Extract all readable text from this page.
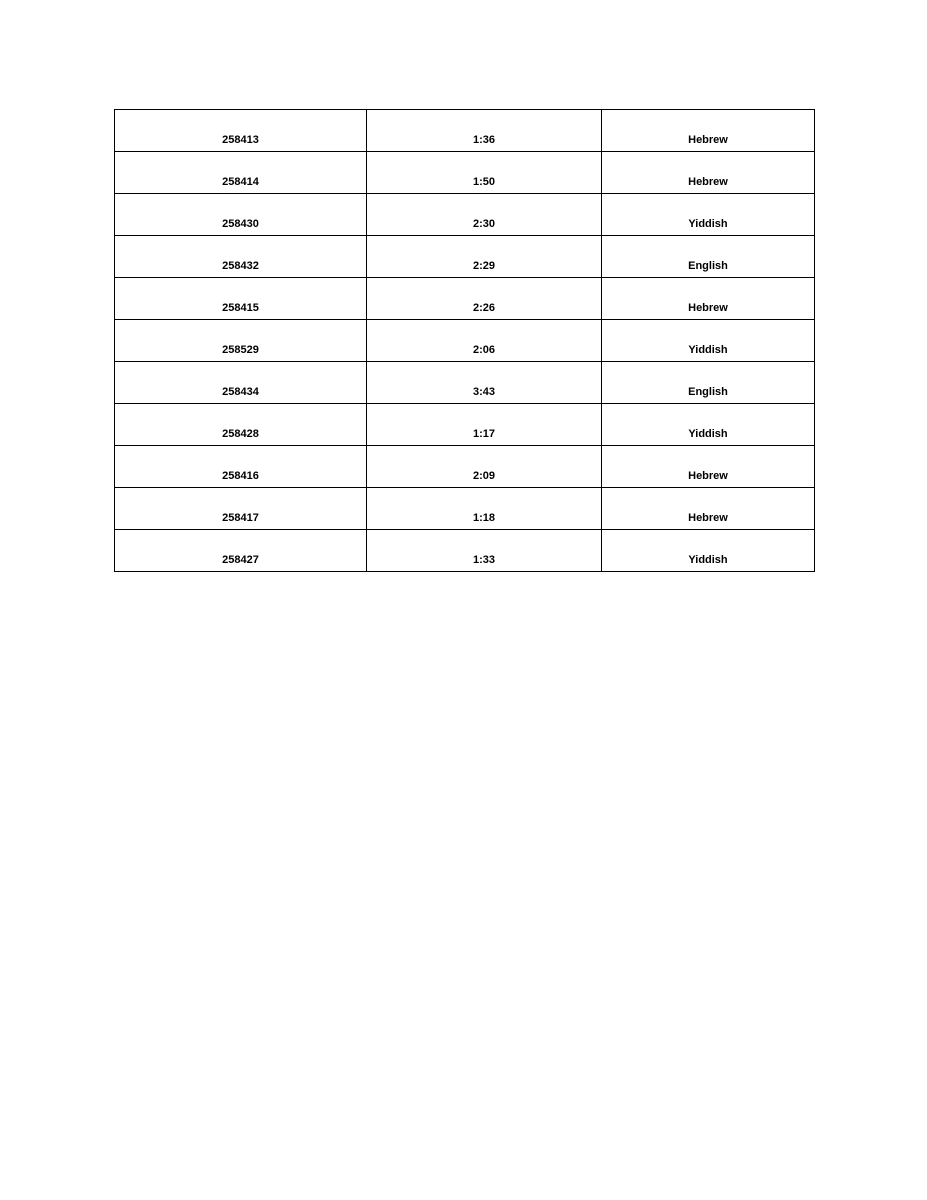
258413	1:36	Hebrew
258414	1:50	Hebrew
258430	2:30	Yiddish
258432	2:29	English
258415	2:26	Hebrew
258529	2:06	Yiddish
258434	3:43	English
258428	1:17	Yiddish
258416	2:09	Hebrew
258417	1:18	Hebrew
258427	1:33	Yiddish
